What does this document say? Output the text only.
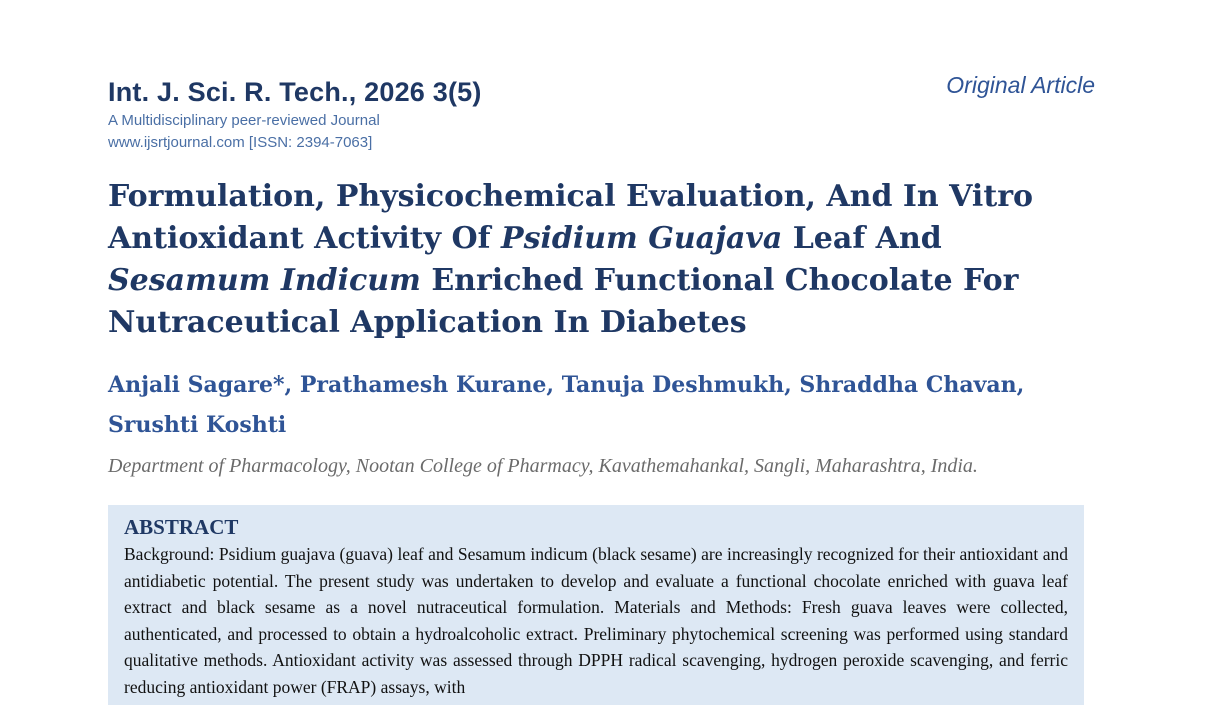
Int. J. Sci. R. Tech., 2026 3(5)
A Multidisciplinary peer-reviewed Journal
www.ijsrtjournal.com [ISSN: 2394-7063]
Original Article
Formulation, Physicochemical Evaluation, And In Vitro Antioxidant Activity Of Psidium Guajava Leaf And Sesamum Indicum Enriched Functional Chocolate For Nutraceutical Application In Diabetes
Anjali Sagare*, Prathamesh Kurane, Tanuja Deshmukh, Shraddha Chavan, Srushti Koshti
Department of Pharmacology, Nootan College of Pharmacy, Kavathemahankal, Sangli, Maharashtra, India.
ABSTRACT
Background: Psidium guajava (guava) leaf and Sesamum indicum (black sesame) are increasingly recognized for their antioxidant and antidiabetic potential. The present study was undertaken to develop and evaluate a functional chocolate enriched with guava leaf extract and black sesame as a novel nutraceutical formulation. Materials and Methods: Fresh guava leaves were collected, authenticated, and processed to obtain a hydroalcoholic extract. Preliminary phytochemical screening was performed using standard qualitative methods. Antioxidant activity was assessed through DPPH radical scavenging, hydrogen peroxide scavenging, and ferric reducing antioxidant power (FRAP) assays, with
